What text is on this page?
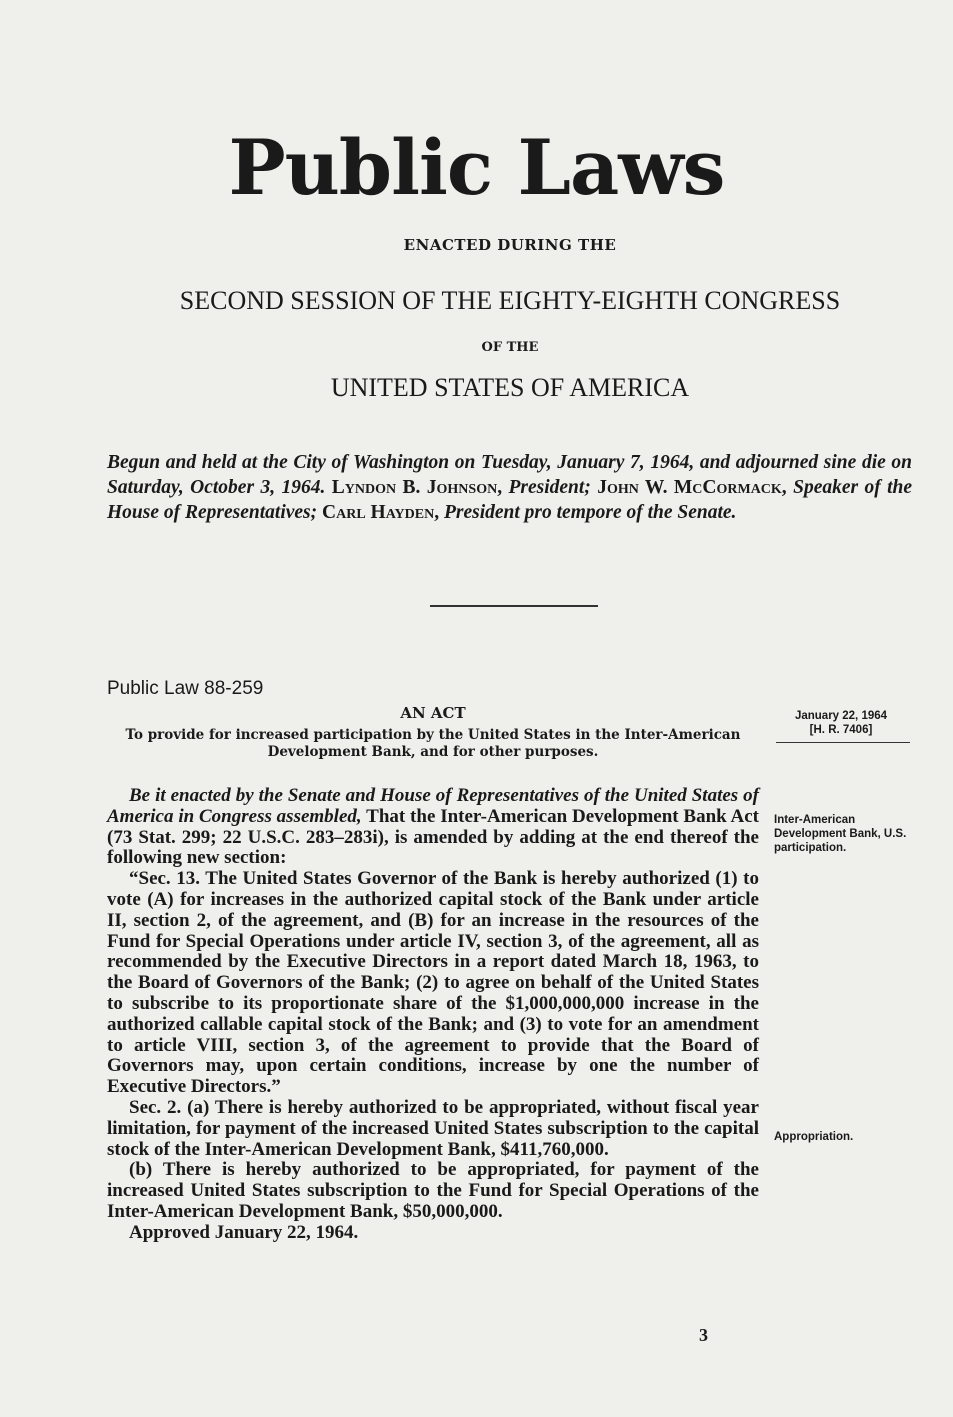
Public Laws
ENACTED DURING THE
SECOND SESSION OF THE EIGHTY-EIGHTH CONGRESS
OF THE
UNITED STATES OF AMERICA

Begun and held at the City of Washington on Tuesday, January 7, 1964, and adjourned sine die on Saturday, October 3, 1964. Lyndon B. Johnson, President; John W. McCormack, Speaker of the House of Representatives; Carl Hayden, President pro tempore of the Senate.

Public Law 88-259
AN ACT
To provide for increased participation by the United States in the Inter-American Development Bank, and for other purposes.
January 22, 1964
[H. R. 7406]
Inter-American Development Bank, U.S. participation.
Appropriation.

Be it enacted by the Senate and House of Representatives of the United States of America in Congress assembled, That the Inter-American Development Bank Act (73 Stat. 299; 22 U.S.C. 283–283i), is amended by adding at the end thereof the following new section:

“Sec. 13. The United States Governor of the Bank is hereby authorized (1) to vote (A) for increases in the authorized capital stock of the Bank under article II, section 2, of the agreement, and (B) for an increase in the resources of the Fund for Special Operations under article IV, section 3, of the agreement, all as recommended by the Executive Directors in a report dated March 18, 1963, to the Board of Governors of the Bank; (2) to agree on behalf of the United States to subscribe to its proportionate share of the $1,000,000,000 increase in the authorized callable capital stock of the Bank; and (3) to vote for an amendment to article VIII, section 3, of the agreement to provide that the Board of Governors may, upon certain conditions, increase by one the number of Executive Directors.”

Sec. 2. (a) There is hereby authorized to be appropriated, without fiscal year limitation, for payment of the increased United States subscription to the capital stock of the Inter-American Development Bank, $411,760,000.

(b) There is hereby authorized to be appropriated, for payment of the increased United States subscription to the Fund for Special Operations of the Inter-American Development Bank, $50,000,000.

Approved January 22, 1964.

3
